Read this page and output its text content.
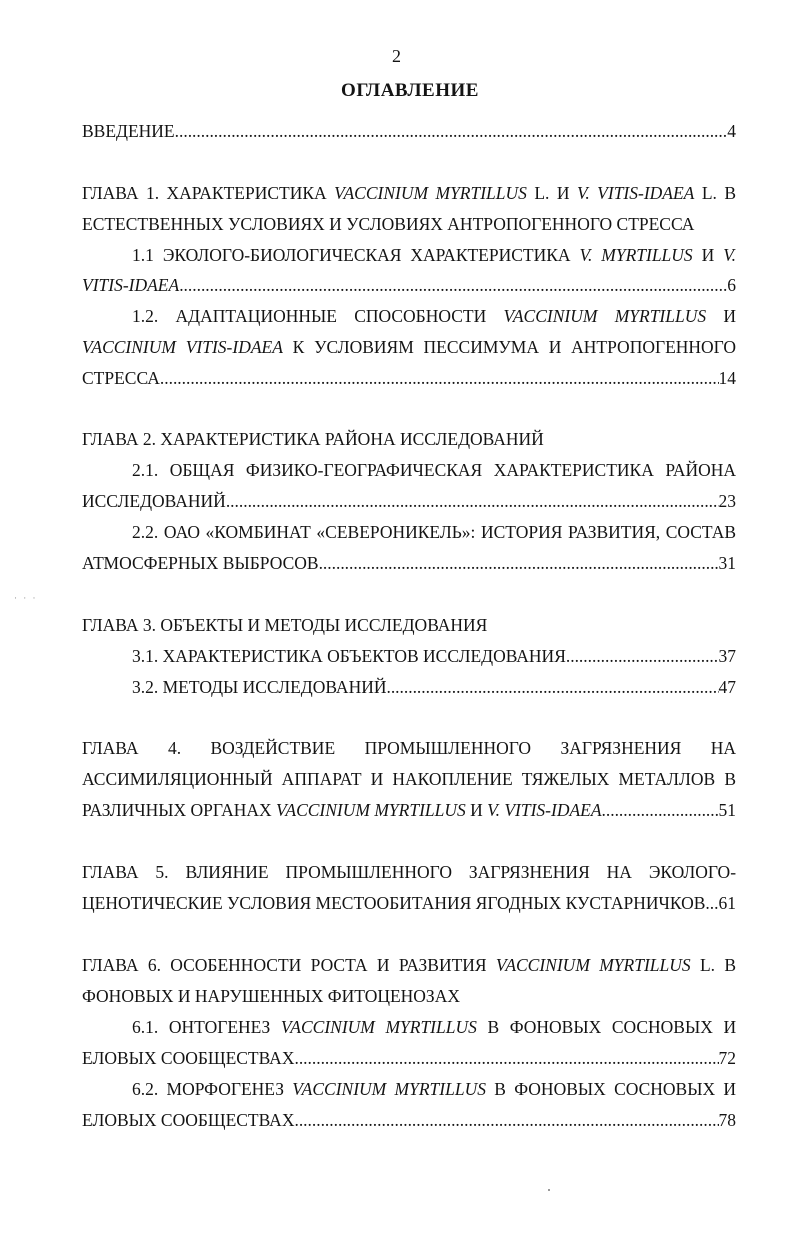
2
ОГЛАВЛЕНИЕ
ВВЕДЕНИЕ . . .	4
ГЛАВА 1. ХАРАКТЕРИСТИКА VACCINIUM MYRTILLUS L. И V. VITIS-IDAEA L. В
ЕСТЕСТВЕННЫХ УСЛОВИЯХ И УСЛОВИЯХ АНТРОПОГЕННОГО СТРЕССА
1.1 ЭКОЛОГО-БИОЛОГИЧЕСКАЯ ХАРАКТЕРИСТИКА V. MYRTILLUS И V.
VITIS-IDAEA . . .	6
1.2. АДАПТАЦИОННЫЕ СПОСОБНОСТИ VACCINIUM MYRTILLUS И
VACCINIUM VITIS-IDAEA К УСЛОВИЯМ ПЕССИМУМА И АНТРОПОГЕННОГО
СТРЕССА . . .	14
ГЛАВА 2. ХАРАКТЕРИСТИКА РАЙОНА ИССЛЕДОВАНИЙ
2.1. ОБЩАЯ ФИЗИКО-ГЕОГРАФИЧЕСКАЯ ХАРАКТЕРИСТИКА РАЙОНА
ИССЛЕДОВАНИЙ . . .	23
2.2. ОАО «КОМБИНАТ «СЕВЕРОНИКЕЛЬ»: ИСТОРИЯ РАЗВИТИЯ, СОСТАВ
АТМОСФЕРНЫХ ВЫБРОСОВ . . .	31
ГЛАВА 3. ОБЪЕКТЫ И МЕТОДЫ ИССЛЕДОВАНИЯ
3.1. ХАРАКТЕРИСТИКА ОБЪЕКТОВ ИССЛЕДОВАНИЯ . . .	37
3.2. МЕТОДЫ ИССЛЕДОВАНИЙ . . .	47
ГЛАВА 4. ВОЗДЕЙСТВИЕ ПРОМЫШЛЕННОГО ЗАГРЯЗНЕНИЯ НА
АССИМИЛЯЦИОННЫЙ АППАРАТ И НАКОПЛЕНИЕ ТЯЖЕЛЫХ МЕТАЛЛОВ В
РАЗЛИЧНЫХ ОРГАНАХ VACCINIUM MYRTILLUS И V. VITIS-IDAEA . . .	51
ГЛАВА 5. ВЛИЯНИЕ ПРОМЫШЛЕННОГО ЗАГРЯЗНЕНИЯ НА ЭКОЛОГО-
ЦЕНОТИЧЕСКИЕ УСЛОВИЯ МЕСТООБИТАНИЯ ЯГОДНЫХ КУСТАРНИЧКОВ . . . 61
ГЛАВА 6. ОСОБЕННОСТИ РОСТА И РАЗВИТИЯ VACCINIUM MYRTILLUS L. В
ФОНОВЫХ И НАРУШЕННЫХ ФИТОЦЕНОЗАХ
6.1. ОНТОГЕНЕЗ VACCINIUM MYRTILLUS В ФОНОВЫХ СОСНОВЫХ И
ЕЛОВЫХ СООБЩЕСТВАХ . . .	72
6.2. МОРФОГЕНЕЗ VACCINIUM MYRTILLUS В ФОНОВЫХ СОСНОВЫХ И
ЕЛОВЫХ СООБЩЕСТВАХ . . .	78
· · ·
